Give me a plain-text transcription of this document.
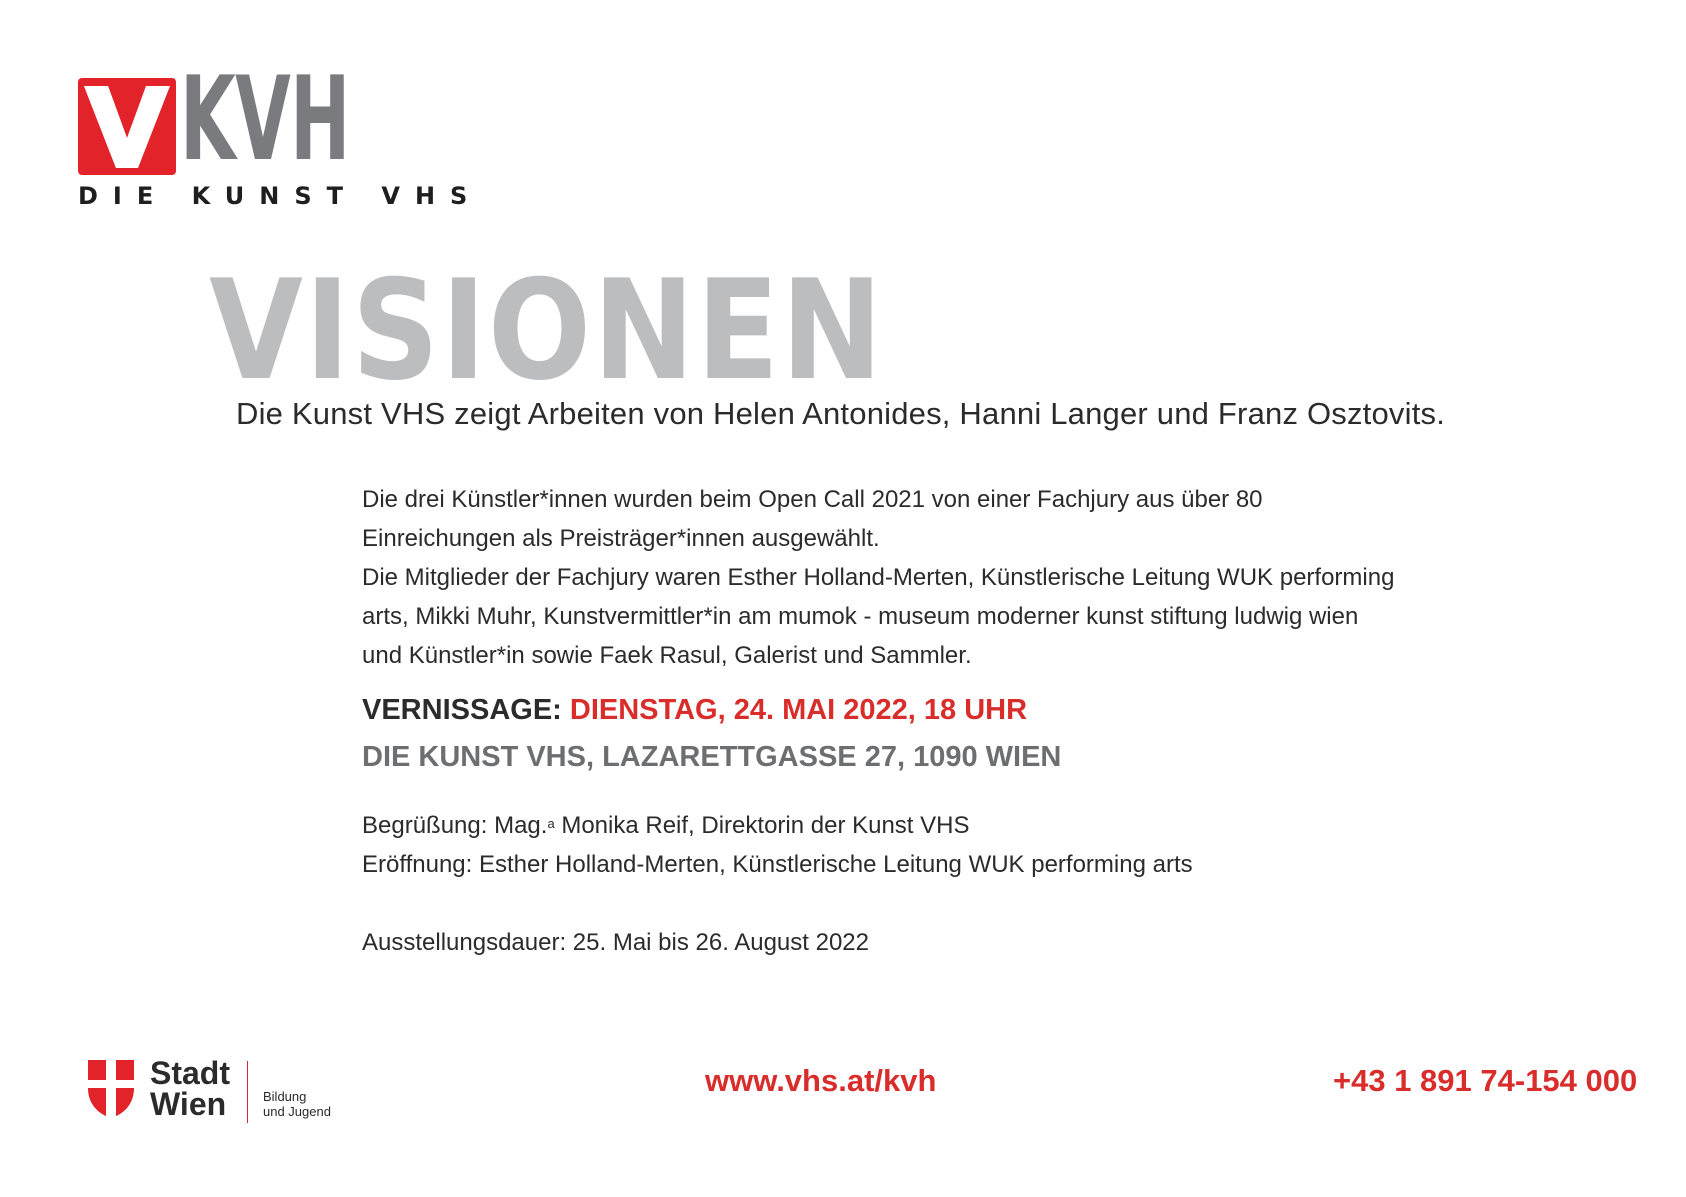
KVH
DIE KUNST VHS
VISIONEN
Die Kunst VHS zeigt Arbeiten von Helen Antonides, Hanni Langer und Franz Osztovits.
Die drei Künstler*innen wurden beim Open Call 2021 von einer Fachjury aus über 80
Einreichungen als Preisträger*innen ausgewählt.
Die Mitglieder der Fachjury waren Esther Holland-Merten, Künstlerische Leitung WUK performing
arts, Mikki Muhr, Kunstvermittler*in am mumok - museum moderner kunst stiftung ludwig wien
und Künstler*in sowie Faek Rasul, Galerist und Sammler.
VERNISSAGE: DIENSTAG, 24. MAI 2022, 18 UHR
DIE KUNST VHS, LAZARETTGASSE 27, 1090 WIEN
Begrüßung: Mag.$^a$ Monika Reif, Direktorin der Kunst VHS
Eröffnung: Esther Holland-Merten, Künstlerische Leitung WUK performing arts
Ausstellungsdauer: 25. Mai bis 26. August 2022
Stadt
Wien	Bildung
und Jugend
www.vhs.at/kvh	+43 1 891 74-154 000
